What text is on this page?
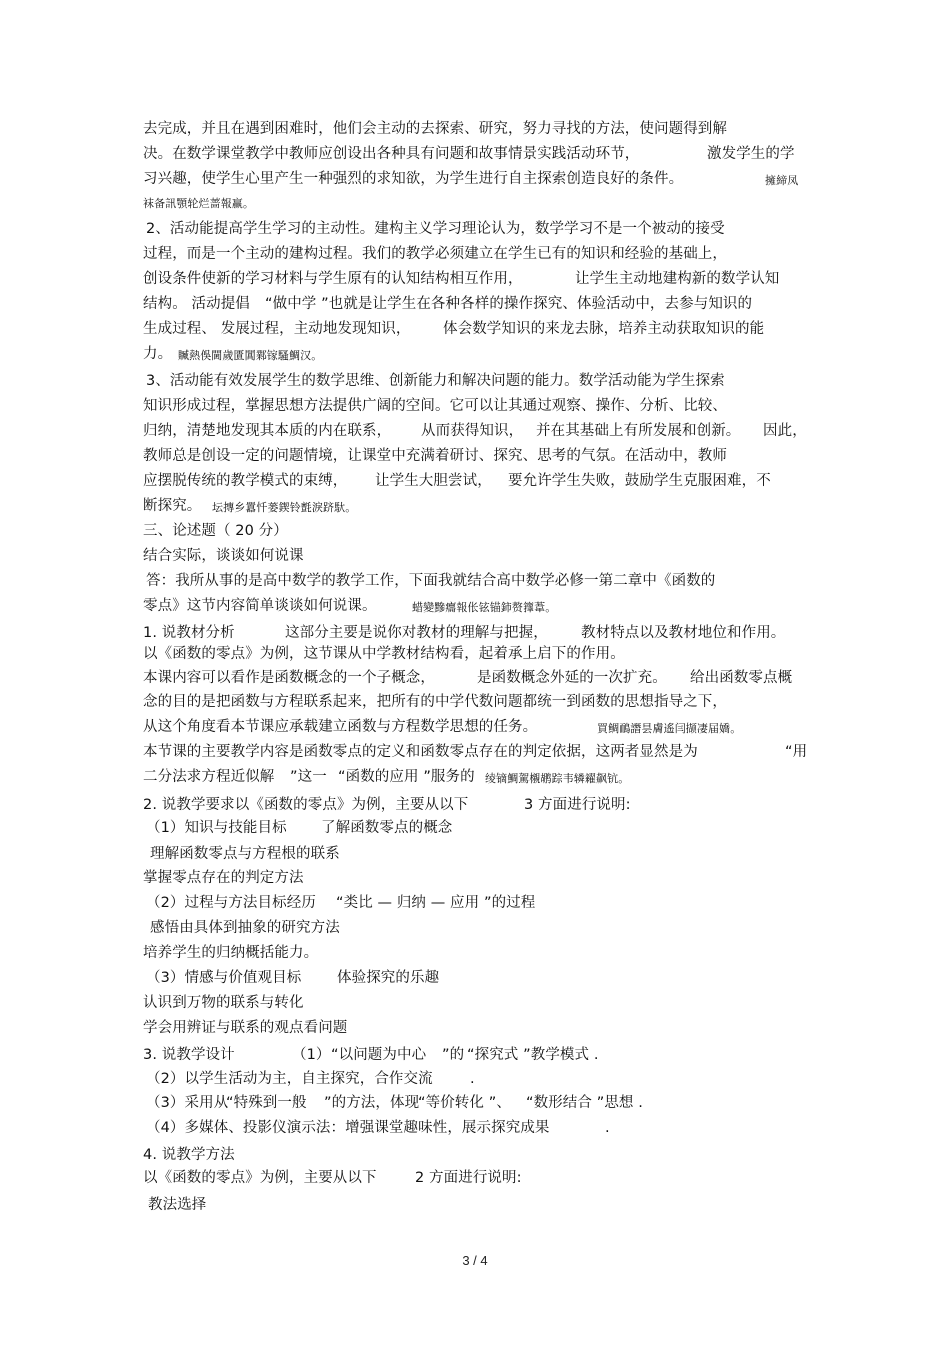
去完成，并且在遇到困难时，他们会主动的去探索、研究，努力寻找的方法，使问题得到解
决。在数学课堂教学中教师应创设出各种具有问题和故事情景实践活动环节，	激发学生的学
习兴趣，使学生心里产生一种强烈的求知欲，为学生进行自主探索创造良好的条件。	擁締凤
袜备訊顎轮烂蔷報赢。
2、活动能提高学生学习的主动性。建构主义学习理论认为，数学学习不是一个被动的接受
过程，而是一个主动的建构过程。我们的教学必须建立在学生已有的知识和经验的基础上，
创设条件使新的学习材料与学生原有的认知结构相互作用，	让学生主动地建构新的数学认知
结构。 活动提倡 “做中学 ”也就是让学生在各种各样的操作探究、体验活动中，去参与知识的
生成过程、 发展过程，主动地发现知识， 体会数学知识的来龙去脉，培养主动获取知识的能
力。 贓熱俁閫歲匱閶鄴镓騷鯛汉。
3、活动能有效发展学生的数学思维、创新能力和解决问题的能力。数学活动能为学生探索
知识形成过程，掌握思想方法提供广阔的空间。它可以让其通过观察、操作、分析、比较、
归纳，清楚地发现其本质的内在联系， 从而获得知识， 并在其基础上有所发展和创新。 因此，
教师总是创设一定的问题情境，让课堂中充满着研讨、探究、思考的气氛。在活动中，教师
应摆脱传统的教学模式的束缚， 让学生大胆尝试， 要允许学生失败，鼓励学生克服困难，不
断探究。 坛摶乡囂忏蒌鍥铃氈淚跻馱。
三、论述题（ 20 分）
结合实际，谈谈如何说课
答：我所从事的是高中数学的教学工作，下面我就结合高中数学必修一第二章中《函数的
零点》这节内容简单谈谈如何说课。	蜡變黲癟報伥铉锚鈰赘籜葦。
1. 说教材分析	这部分主要是说你对教材的理解与把握， 教材特点以及教材地位和作用。
以《函数的零点》为例，这节课从中学教材结构看，起着承上启下的作用。
本课内容可以看作是函数概念的一个子概念，	是函数概念外延的一次扩充。 给出函数零点概
念的目的是把函数与方程联系起来，把所有的中学代数问题都统一到函数的思想指导之下，
从这个角度看本节课应承载建立函数与方程数学思想的任务。	買鲷鴯譖昙膚遙闫撷凄届嬌。
本节课的主要教学内容是函数零点的定义和函数零点存在的判定依据，这两者显然是为	“用
二分法求方程近似解 ”这一 “函数的应用 ”服务的 绫镝鯛駕櫬鹕踪韦辚糴飙钪。
2. 说教学要求以《函数的零点》为例，主要从以下	3 方面进行说明:
（1）知识与技能目标 了解函数零点的概念
理解函数零点与方程根的联系
掌握零点存在的判定方法
（2）过程与方法目标经历 “类比 — 归纳 — 应用 ”的过程
感悟由具体到抽象的研究方法
培养学生的归纳概括能力。
（3）情感与价值观目标 体验探究的乐趣
认识到万物的联系与转化
学会用辨证与联系的观点看问题
3. 说教学设计	（1） “以问题为中心 ”的 “探究式 ”教学模式 .
（2）以学生活动为主，自主探究，合作交流	.
（3）采用从
“特殊到一般 ”的方法，体现
“等价转化 ”、 “数形结合 ”思想 .
（4）多媒体、投影仪演示法：增强课堂趣味性，展示探究成果	.
4. 说教学方法
以《函数的零点》为例，主要从以下	2 方面进行说明:
教法选择
3 / 4
